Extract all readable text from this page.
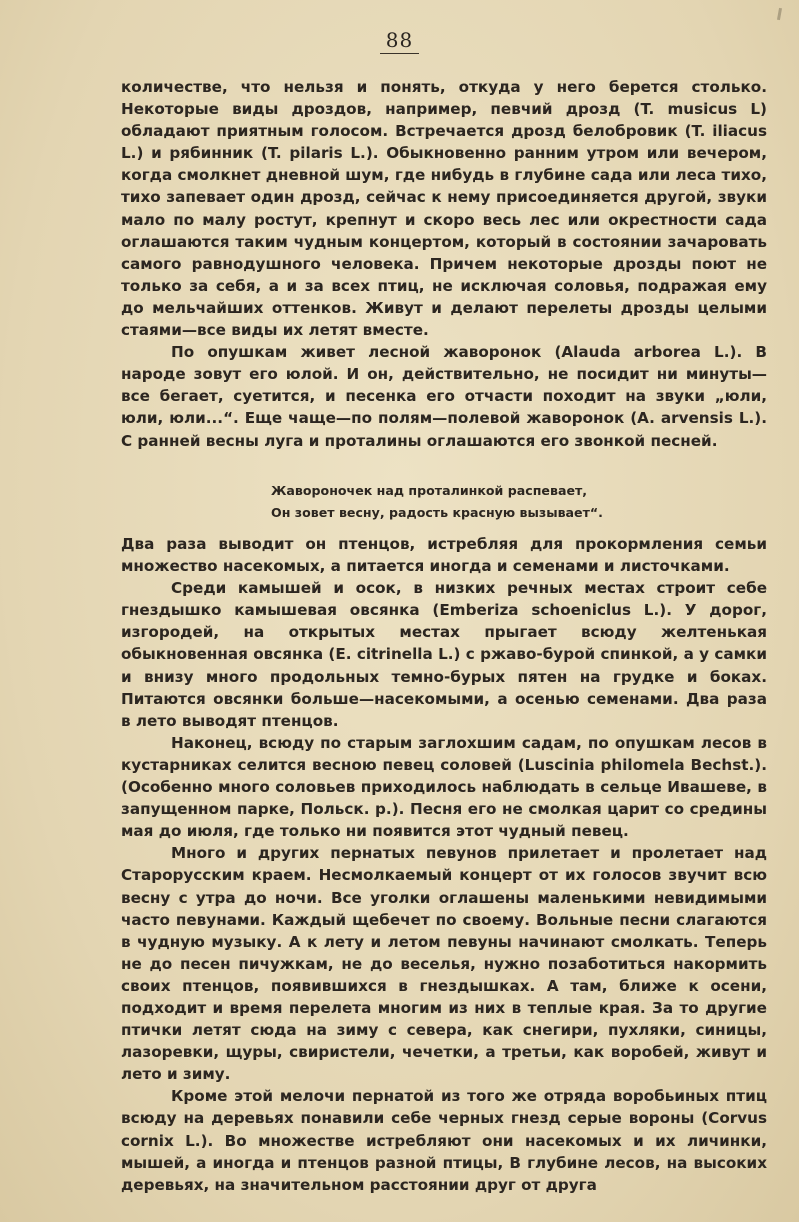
88

количестве, что нельзя и понять, откуда у него берется столько. Некоторые виды дроздов, например, певчий дрозд (T. musicus L) обладают приятным голосом. Встречается дрозд белобровик (T. iliacus L.) и рябинник (T. pilaris L.). Обыкновенно ранним утром или вечером, когда смолкнет дневной шум, где нибудь в глубине сада или леса тихо, тихо запевает один дрозд, сейчас к нему присоединяется другой, звуки мало по малу ростут, крепнут и скоро весь лес или окрестности сада оглашаются таким чудным концертом, который в состоянии зачаровать самого равнодушного человека. Причем некоторые дрозды поют не только за себя, а и за всех птиц, не исключая соловья, подражая ему до мельчайших оттенков. Живут и делают перелеты дрозды целыми стаями—все виды их летят вместе.

По опушкам живет лесной жаворонок (Alauda arborea L.). В народе зовут его юлой. И он, действительно, не посидит ни минуты—все бегает, суетится, и песенка его отчасти походит на звуки „юли, юли, юли...“. Еще чаще—по полям—полевой жаворонок (A. arvensis L.). С ранней весны луга и проталины оглашаются его звонкой песней.

Жавороночек над проталинкой распевает,
Он зовет весну, радость красную вызывает“.

Два раза выводит он птенцов, истребляя для прокормления семьи множество насекомых, а питается иногда и семенами и листочками.

Среди камышей и осок, в низких речных местах строит себе гнездышко камышевая овсянка (Emberiza schoeniclus L.). У дорог, изгородей, на открытых местах прыгает всюду желтенькая обыкновенная овсянка (E. citrinella L.) с ржаво-бурой спинкой, а у самки и внизу много продольных темно-бурых пятен на грудке и боках. Питаются овсянки больше—насекомыми, а осенью семенами. Два раза в лето выводят птенцов.

Наконец, всюду по старым заглохшим садам, по опушкам лесов в кустарниках селится весною певец соловей (Luscinia philomela Bechst.). (Особенно много соловьев приходилось наблюдать в сельце Ивашеве, в запущенном парке, Польск. р.). Песня его не смолкая царит со средины мая до июля, где только ни появится этот чудный певец.

Много и других пернатых певунов прилетает и пролетает над Старорусским краем. Несмолкаемый концерт от их голосов звучит всю весну с утра до ночи. Все уголки оглашены маленькими невидимыми часто певунами. Каждый щебечет по своему. Вольные песни слагаются в чудную музыку. А к лету и летом певуны начинают смолкать. Теперь не до песен пичужкам, не до веселья, нужно позаботиться накормить своих птенцов, появившихся в гнездышках. А там, ближе к осени, подходит и время перелета многим из них в теплые края. За то другие птички летят сюда на зиму с севера, как снегири, пухляки, синицы, лазоревки, щуры, свиристели, чечетки, а третьи, как воробей, живут и лето и зиму.

Кроме этой мелочи пернатой из того же отряда воробьиных птиц всюду на деревьях понавили себе черных гнезд серые вороны (Corvus cornix L.). Во множестве истребляют они насекомых и их личинки, мышей, а иногда и птенцов разной птицы, В глубине лесов, на высоких деревьях, на значительном расстоянии друг от друга
